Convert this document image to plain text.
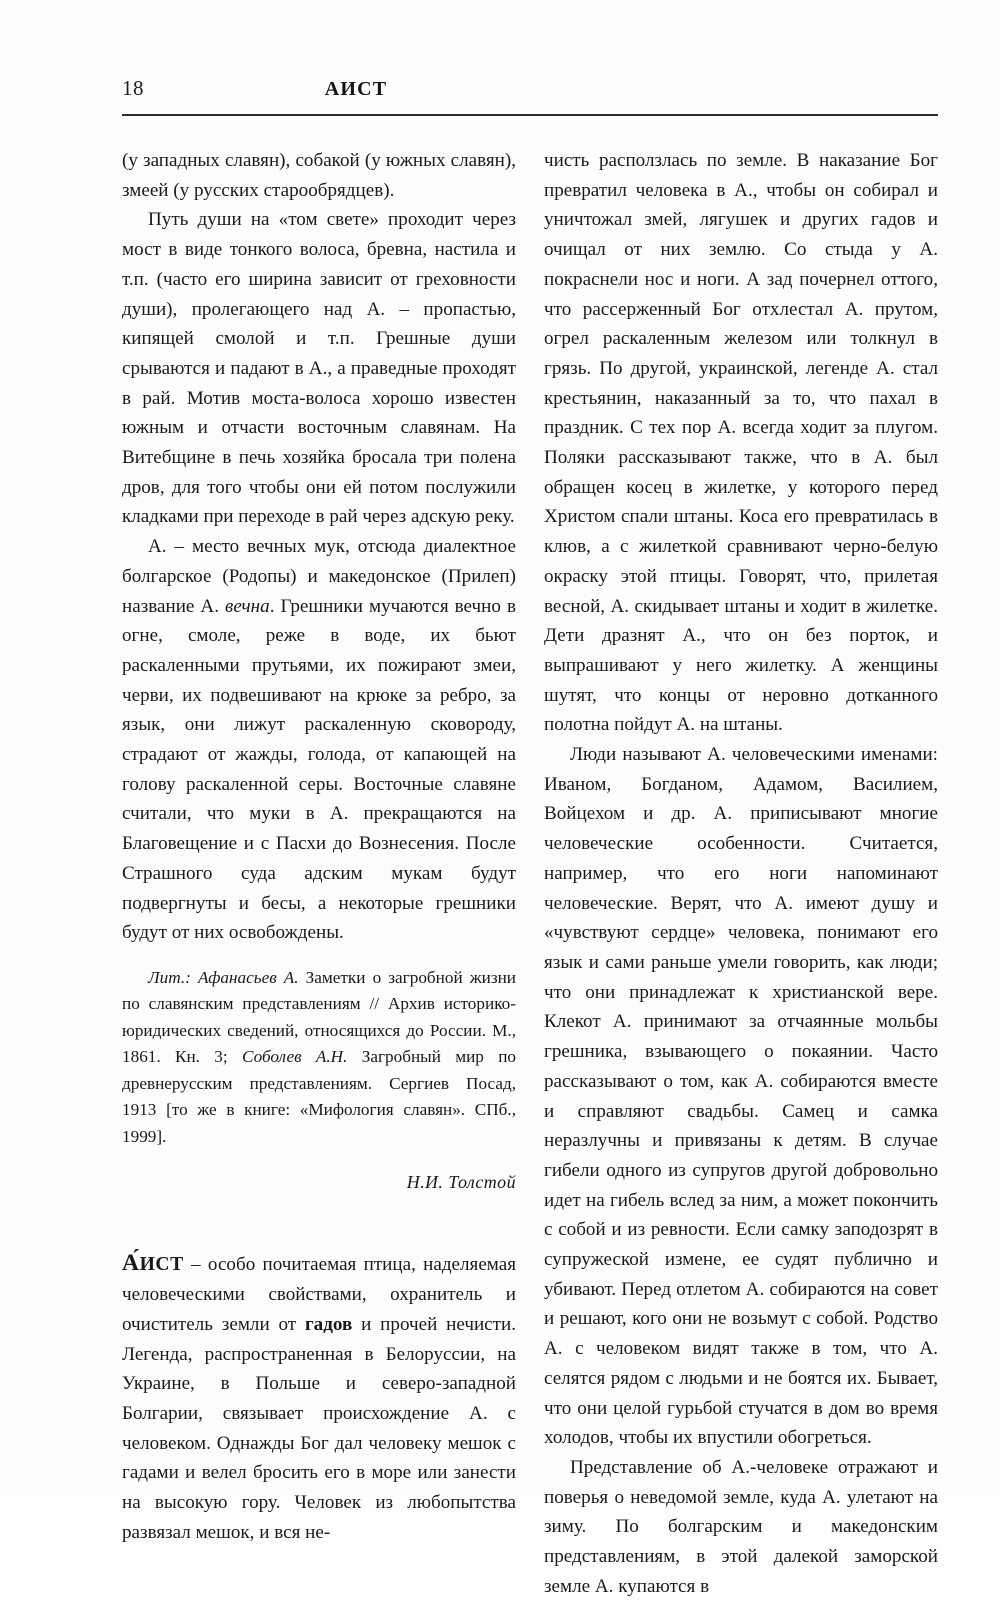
18	АИСТ

(у западных славян), собакой (у южных славян), змеей (у русских старообрядцев).

Путь души на «том свете» проходит через мост в виде тонкого волоса, бревна, настила и т.п. (часто его ширина зависит от греховности души), пролегающего над А. – пропастью, кипящей смолой и т.п. Грешные души срываются и падают в А., а праведные проходят в рай. Мотив моста-волоса хорошо известен южным и отчасти восточным славянам. На Витебщине в печь хозяйка бросала три полена дров, для того чтобы они ей потом послужили кладками при переходе в рай через адскую реку.

А. – место вечных мук, отсюда диалектное болгарское (Родопы) и македонское (Прилеп) название А. вечна. Грешники мучаются вечно в огне, смоле, реже в воде, их бьют раскаленными прутьями, их пожирают змеи, черви, их подвешивают на крюке за ребро, за язык, они лижут раскаленную сковороду, страдают от жажды, голода, от капающей на голову раскаленной серы. Восточные славяне считали, что муки в А. прекращаются на Благовещение и с Пасхи до Вознесения. После Страшного суда адским мукам будут подвергнуты и бесы, а некоторые грешники будут от них освобождены.

Лит.: Афанасьев А. Заметки о загробной жизни по славянским представлениям // Архив историко-юридических сведений, относящихся до России. М., 1861. Кн. 3; Соболев А.Н. Загробный мир по древнерусским представлениям. Сергиев Посад, 1913 [то же в книге: «Мифология славян». СПб., 1999].
Н.И. Толстой

А́ИСТ – особо почитаемая птица, наделяемая человеческими свойствами, охранитель и очиститель земли от гадов и прочей нечисти. Легенда, распространенная в Белоруссии, на Украине, в Польше и северо-западной Болгарии, связывает происхождение А. с человеком. Однажды Бог дал человеку мешок с гадами и велел бросить его в море или занести на высокую гору. Человек из любопытства развязал мешок, и вся не-

чисть расползлась по земле. В наказание Бог превратил человека в А., чтобы он собирал и уничтожал змей, лягушек и других гадов и очищал от них землю. Со стыда у А. покраснели нос и ноги. А зад почернел оттого, что рассерженный Бог отхлестал А. прутом, огрел раскаленным железом или толкнул в грязь. По другой, украинской, легенде А. стал крестьянин, наказанный за то, что пахал в праздник. С тех пор А. всегда ходит за плугом. Поляки рассказывают также, что в А. был обращен косец в жилетке, у которого перед Христом спали штаны. Коса его превратилась в клюв, а с жилеткой сравнивают черно-белую окраску этой птицы. Говорят, что, прилетая весной, А. скидывает штаны и ходит в жилетке. Дети дразнят А., что он без порток, и выпрашивают у него жилетку. А женщины шутят, что концы от неровно дотканного полотна пойдут А. на штаны.

Люди называют А. человеческими именами: Иваном, Богданом, Адамом, Василием, Войцехом и др. А. приписывают многие человеческие особенности. Считается, например, что его ноги напоминают человеческие. Верят, что А. имеют душу и «чувствуют сердце» человека, понимают его язык и сами раньше умели говорить, как люди; что они принадлежат к христианской вере. Клекот А. принимают за отчаянные мольбы грешника, взывающего о покаянии. Часто рассказывают о том, как А. собираются вместе и справляют свадьбы. Самец и самка неразлучны и привязаны к детям. В случае гибели одного из супругов другой добровольно идет на гибель вслед за ним, а может покончить с собой и из ревности. Если самку заподозрят в супружеской измене, ее судят публично и убивают. Перед отлетом А. собираются на совет и решают, кого они не возьмут с собой. Родство А. с человеком видят также в том, что А. селятся рядом с людьми и не боятся их. Бывает, что они целой гурьбой стучатся в дом во время холодов, чтобы их впустили обогреться.

Представление об А.-человеке отражают и поверья о неведомой земле, куда А. улетают на зиму. По болгарским и македонским представлениям, в этой далекой заморской земле А. купаются в
